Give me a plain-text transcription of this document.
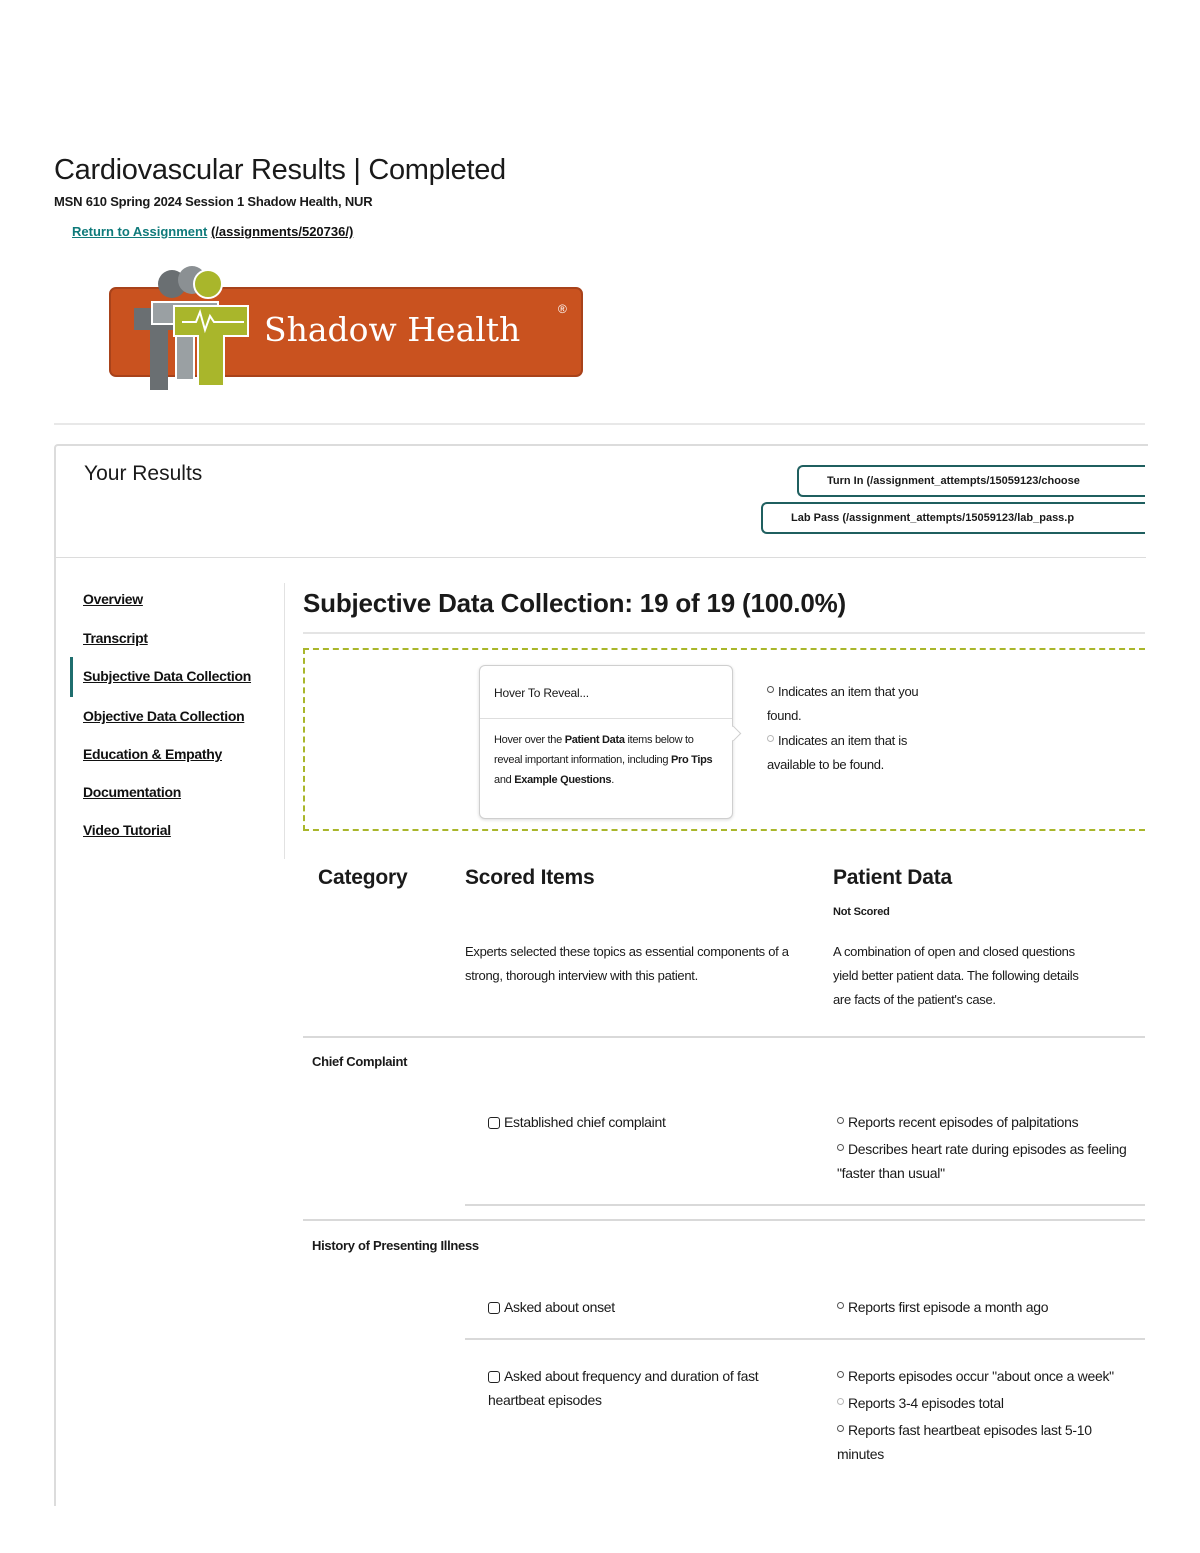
Cardiovascular Results | Completed
MSN 610 Spring 2024 Session 1 Shadow Health, NUR
Return to Assignment (/assignments/520736/)
Shadow Health
®
Your Results	Turn In (/assignment_attempts/15059123/choose
Lab Pass (/assignment_attempts/15059123/lab_pass.p
Overview
Transcript
Subjective Data Collection
Objective Data Collection
Education & Empathy
Documentation
Video Tutorial
Subjective Data Collection: 19 of 19 (100.0%)
Hover To Reveal...
Hover over the Patient Data items below to reveal important information, including Pro Tips and Example Questions.
Indicates an item that you found.
Indicates an item that is available to be found.
Category	Scored Items	Patient Data
Not Scored
Experts selected these topics as essential components of a strong, thorough interview with this patient.
A combination of open and closed questions
yield better patient data. The following details
are facts of the patient's case.
Chief Complaint
Established chief complaint	Reports recent episodes of palpitations
Describes heart rate during episodes as feeling "faster than usual"
History of Presenting Illness
Asked about onset	Reports first episode a month ago
Asked about frequency and duration of fast heartbeat episodes
Reports episodes occur "about once a week"
Reports 3-4 episodes total
Reports fast heartbeat episodes last 5-10 minutes
